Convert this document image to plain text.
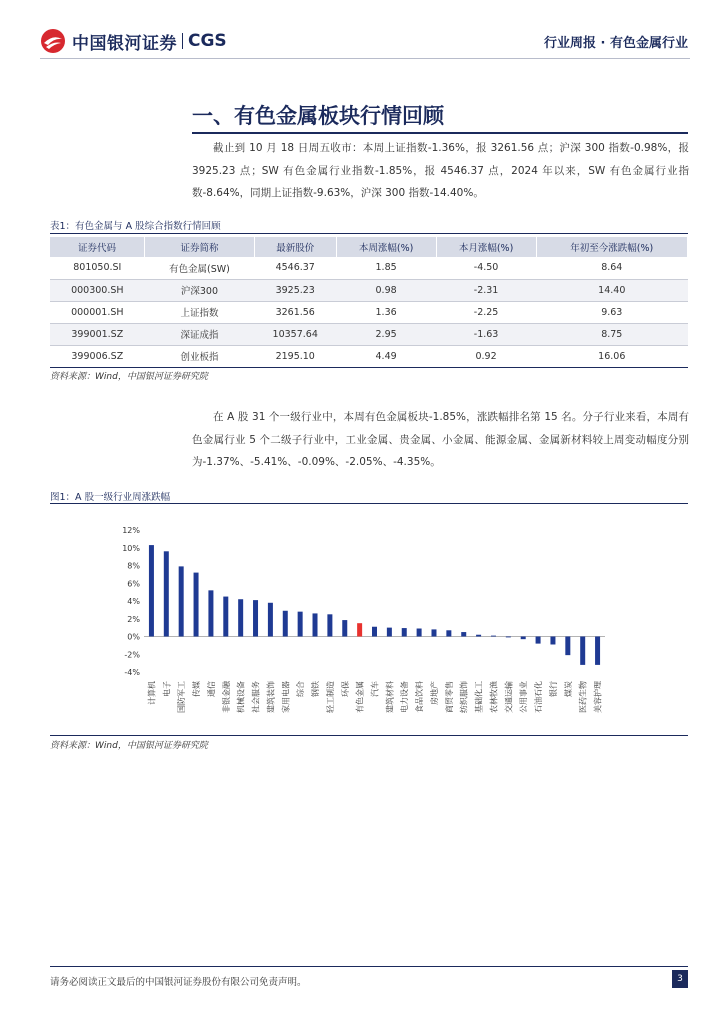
中国银河证券 CGS	行业周报 · 有色金属行业
一、有色金属板块行情回顾

截止到 10 月 18 日周五收市：本周上证指数-1.36%，报 3261.56 点；沪深 300 指数-0.98%，报 3925.23 点；SW 有色金属行业指数-1.85%，报 4546.37 点，2024 年以来，SW 有色金属行业指数-8.64%，同期上证指数-9.63%，沪深 300 指数-14.40%。

表1：有色金属与 A 股综合指数行情回顾
证券代码	证券简称	最新股价	本周涨幅(%)	本月涨幅(%)	年初至今涨跌幅(%)
801050.SI	有色金属(SW)	4546.37	1.85	-4.50	8.64
000300.SH	沪深300	3925.23	0.98	-2.31	14.40
000001.SH	上证指数	3261.56	1.36	-2.25	9.63
399001.SZ	深证成指	10357.64	2.95	-1.63	8.75
399006.SZ	创业板指	2195.10	4.49	0.92	16.06
资料来源：Wind，中国银河证券研究院

在 A 股 31 个一级行业中，本周有色金属板块-1.85%，涨跌幅排名第 15 名。分子行业来看，本周有色金属行业 5 个二级子行业中，工业金属、贵金属、小金属、能源金属、金属新材料较上周变动幅度分别为-1.37%、-5.41%、-0.09%、-2.05%、-4.35%。

图1：A 股一级行业周涨跌幅
12%
10%
8%
6%
4%
2%
0%
-2%
-4%
计算机 电子 国防军工 传媒 通信 非银金融 机械设备 社会服务 建筑装饰 家用电器 综合 钢铁 轻工制造 环保 有色金属 汽车 建筑材料 电力设备 食品饮料 房地产 商贸零售 纺织服饰 基础化工 农林牧渔 交通运输 公用事业 石油石化 银行 煤炭 医药生物 美容护理
资料来源：Wind，中国银河证券研究院
请务必阅读正文最后的中国银河证券股份有限公司免责声明。	3
